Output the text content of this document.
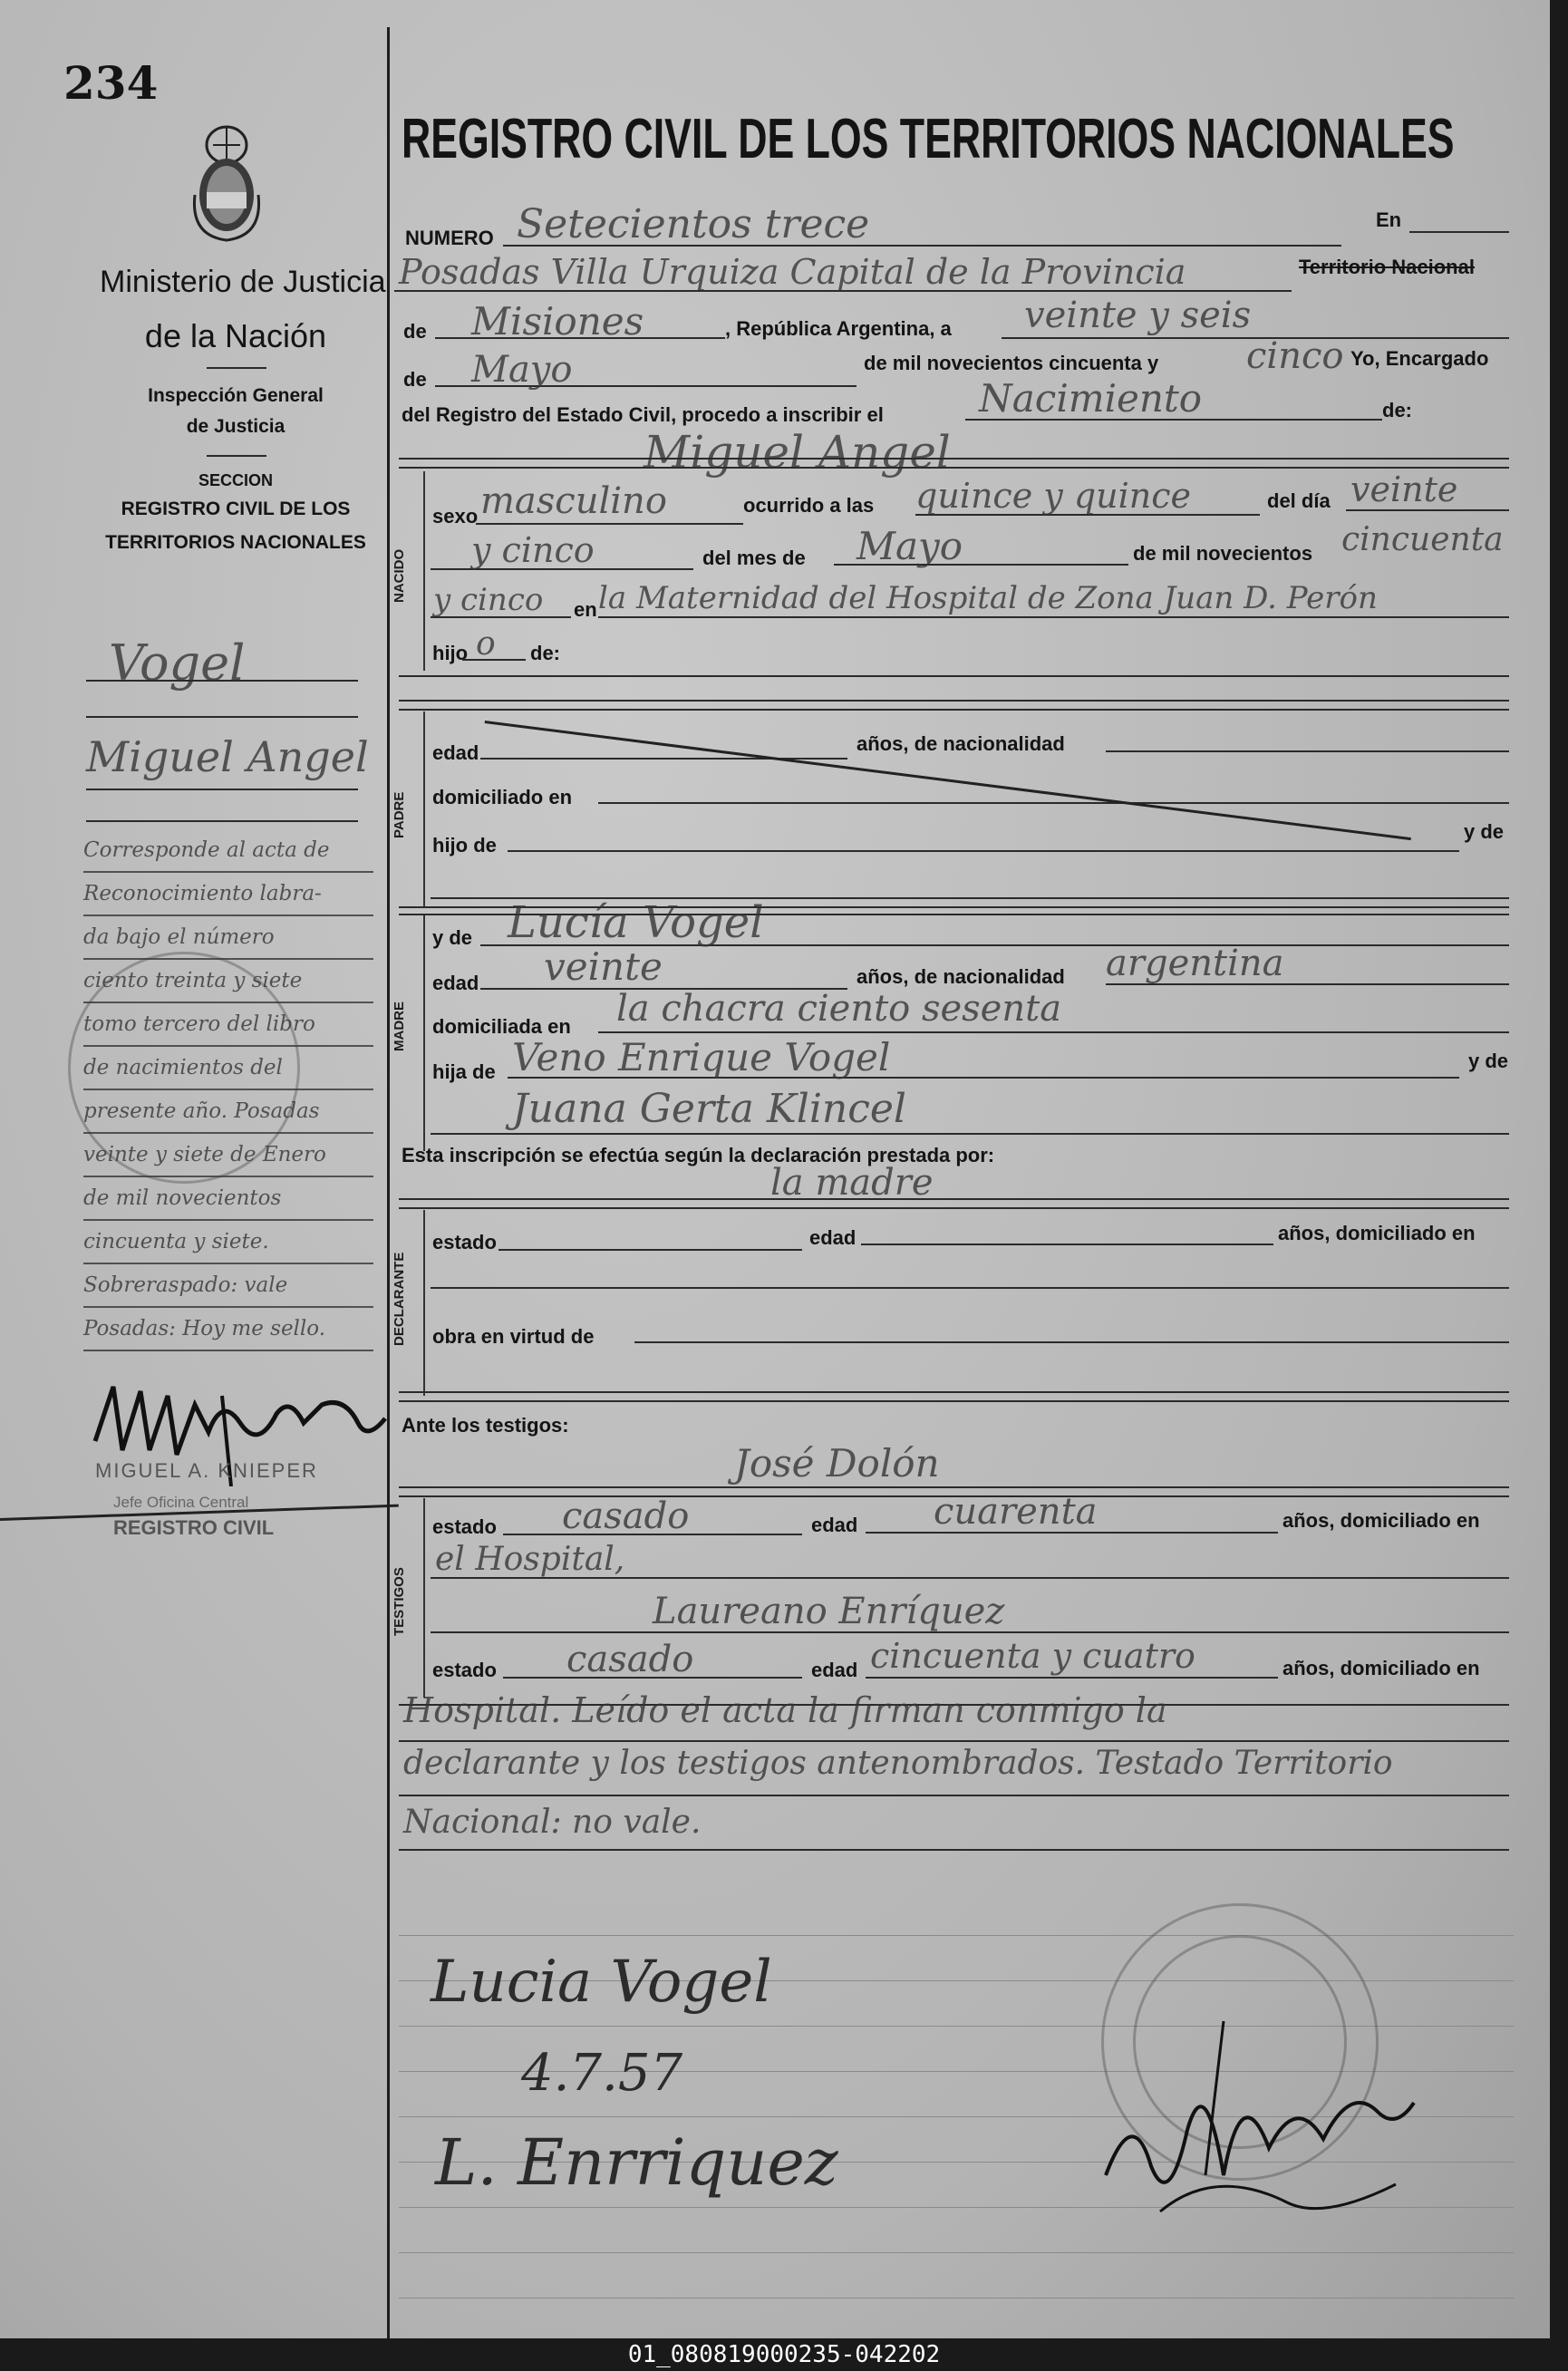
234
Ministerio de Justicia
de la Nación
Inspección General
de Justicia
SECCION
REGISTRO CIVIL DE LOS
TERRITORIOS NACIONALES
Vogel
Miguel Angel
Corresponde al acta de
Reconocimiento labra-
da bajo el número
ciento treinta y siete
tomo tercero del libro
de nacimientos del
presente año. Posadas
veinte y siete de Enero
de mil novecientos
cincuenta y siete.
Sobreraspado: vale
Posadas: Hoy me sello.
MIGUEL A. KNIEPER
Jefe Oficina Central
REGISTRO CIVIL
REGISTRO CIVIL DE LOS TERRITORIOS NACIONALES
NUMERO Setecientos trece	En
Posadas Villa Urquiza Capital de la Provincia	Territorio Nacional
de Misiones	, República Argentina, a veinte y seis
de Mayo	de mil novecientos cincuenta y cinco Yo, Encargado
del Registro del Estado Civil, procedo a inscribir el	Nacimiento	de:
Miguel Angel
NACIDO
sexo masculino	ocurrido a las quince y quince	del día veinte
y cinco	del mes de Mayo	de mil novecientos cincuenta
y cinco en la Maternidad del Hospital de Zona Juan D. Perón
hijo o de:
PADRE
edad	años, de nacionalidad
domiciliado en
hijo de
y de
MADRE
y de Lucía Vogel
edad veinte	años, de nacionalidad argentina
domiciliada en la chacra ciento sesenta
hija de Veno Enrique Vogel	y de
Juana Gerta Klincel
Esta inscripción se efectúa según la declaración prestada por:
la madre
DECLARANTE
estado	edad	años, domiciliado en
obra en virtud de
Ante los testigos:
José Dolón
TESTIGOS
estado casado	edad cuarenta	años, domiciliado en
el Hospital,
Laureano Enríquez
estado casado	edad cincuenta y cuatro	años, domiciliado en
Hospital. Leído el acta la firman conmigo la
declarante y los testigos antenombrados. Testado Territorio
Nacional: no vale.
Lucia Vogel
4.7.57
L. Enrriquez
01_080819000235-042202
